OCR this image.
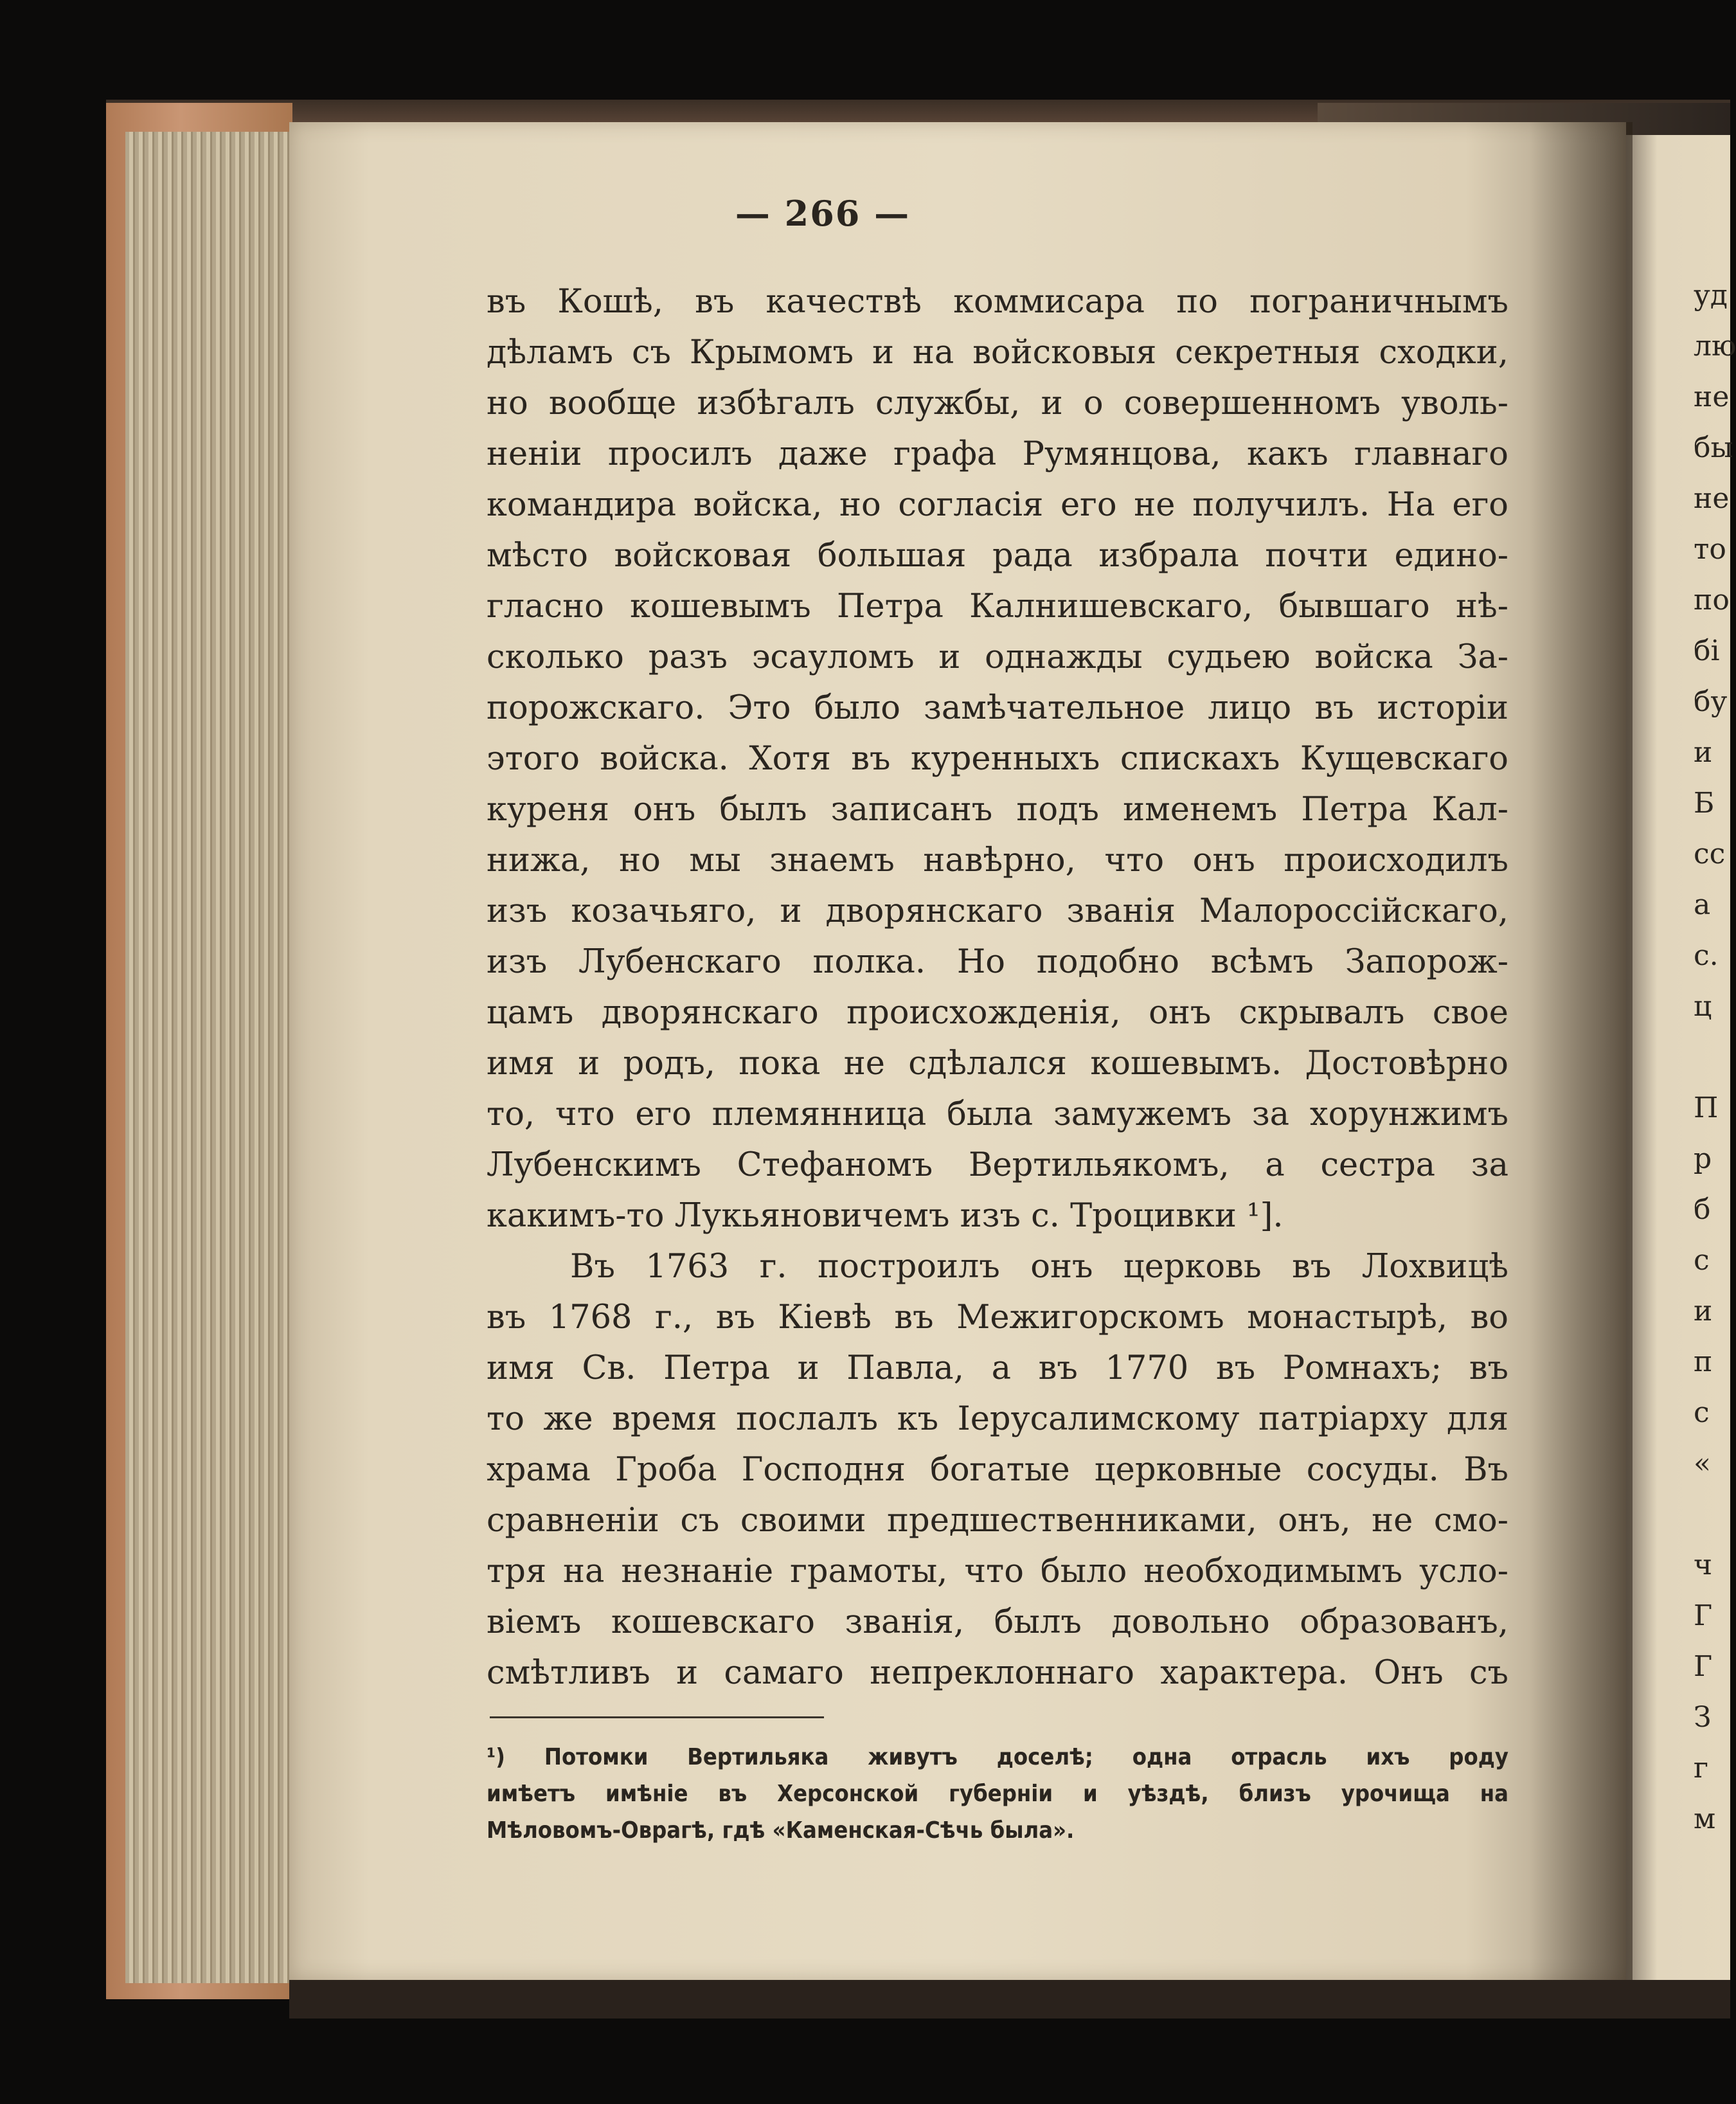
— 266 —
въ Кошѣ, въ качествѣ коммисара по пограничнымъ
дѣламъ съ Крымомъ и на войсковыя секретныя сходки,
но вообще избѣгалъ службы, и о совершенномъ уволь-
неніи просилъ даже графа Румянцова, какъ главнаго
командира войска, но согласія его не получилъ. На его
мѣсто войсковая большая рада избрала почти едино-
гласно кошевымъ Петра Калнишевскаго, бывшаго нѣ-
сколько разъ эсауломъ и однажды судьею войска За-
порожскаго. Это было замѣчательное лицо въ исторіи
этого войска. Хотя въ куренныхъ спискахъ Кущевскаго
куреня онъ былъ записанъ подъ именемъ Петра Кал-
нижа, но мы знаемъ навѣрно, что онъ происходилъ
изъ козачьяго, и дворянскаго званія Малороссійскаго,
изъ Лубенскаго полка. Но подобно всѣмъ Запорож-
цамъ дворянскаго происхожденія, онъ скрывалъ свое
имя и родъ, пока не сдѣлался кошевымъ. Достовѣрно
то, что его племянница была замужемъ за хорунжимъ
Лубенскимъ Стефаномъ Вертильякомъ, а сестра за
какимъ-то Лукьяновичемъ изъ с. Троцивки ¹].
Въ 1763 г. построилъ онъ церковь въ Лохвицѣ
въ 1768 г., въ Кіевѣ въ Межигорскомъ монастырѣ, во
имя Св. Петра и Павла, а въ 1770 въ Ромнахъ; въ
то же время послалъ къ Іерусалимскому патріарху для
храма Гроба Господня богатые церковные сосуды. Въ
сравненіи съ своими предшественниками, онъ, не смо-
тря на незнаніе грамоты, что было необходимымъ усло-
віемъ кошевскаго званія, былъ довольно образованъ,
смѣтливъ и самаго непреклоннаго характера. Онъ съ
¹) Потомки Вертильяка живутъ доселѣ; одна отрасль ихъ роду
имѣетъ имѣніе въ Херсонской губерніи и уѣздѣ, близъ урочища на
Мѣловомъ-Оврагѣ, гдѣ «Каменская-Сѣчь была».
уд
лю
не
бы
не
то
по
бі
бу
и
Б
сс
а
с.
ц
П
р
б
с
и
п
с
«
ч
Г
Г
З
г
м
